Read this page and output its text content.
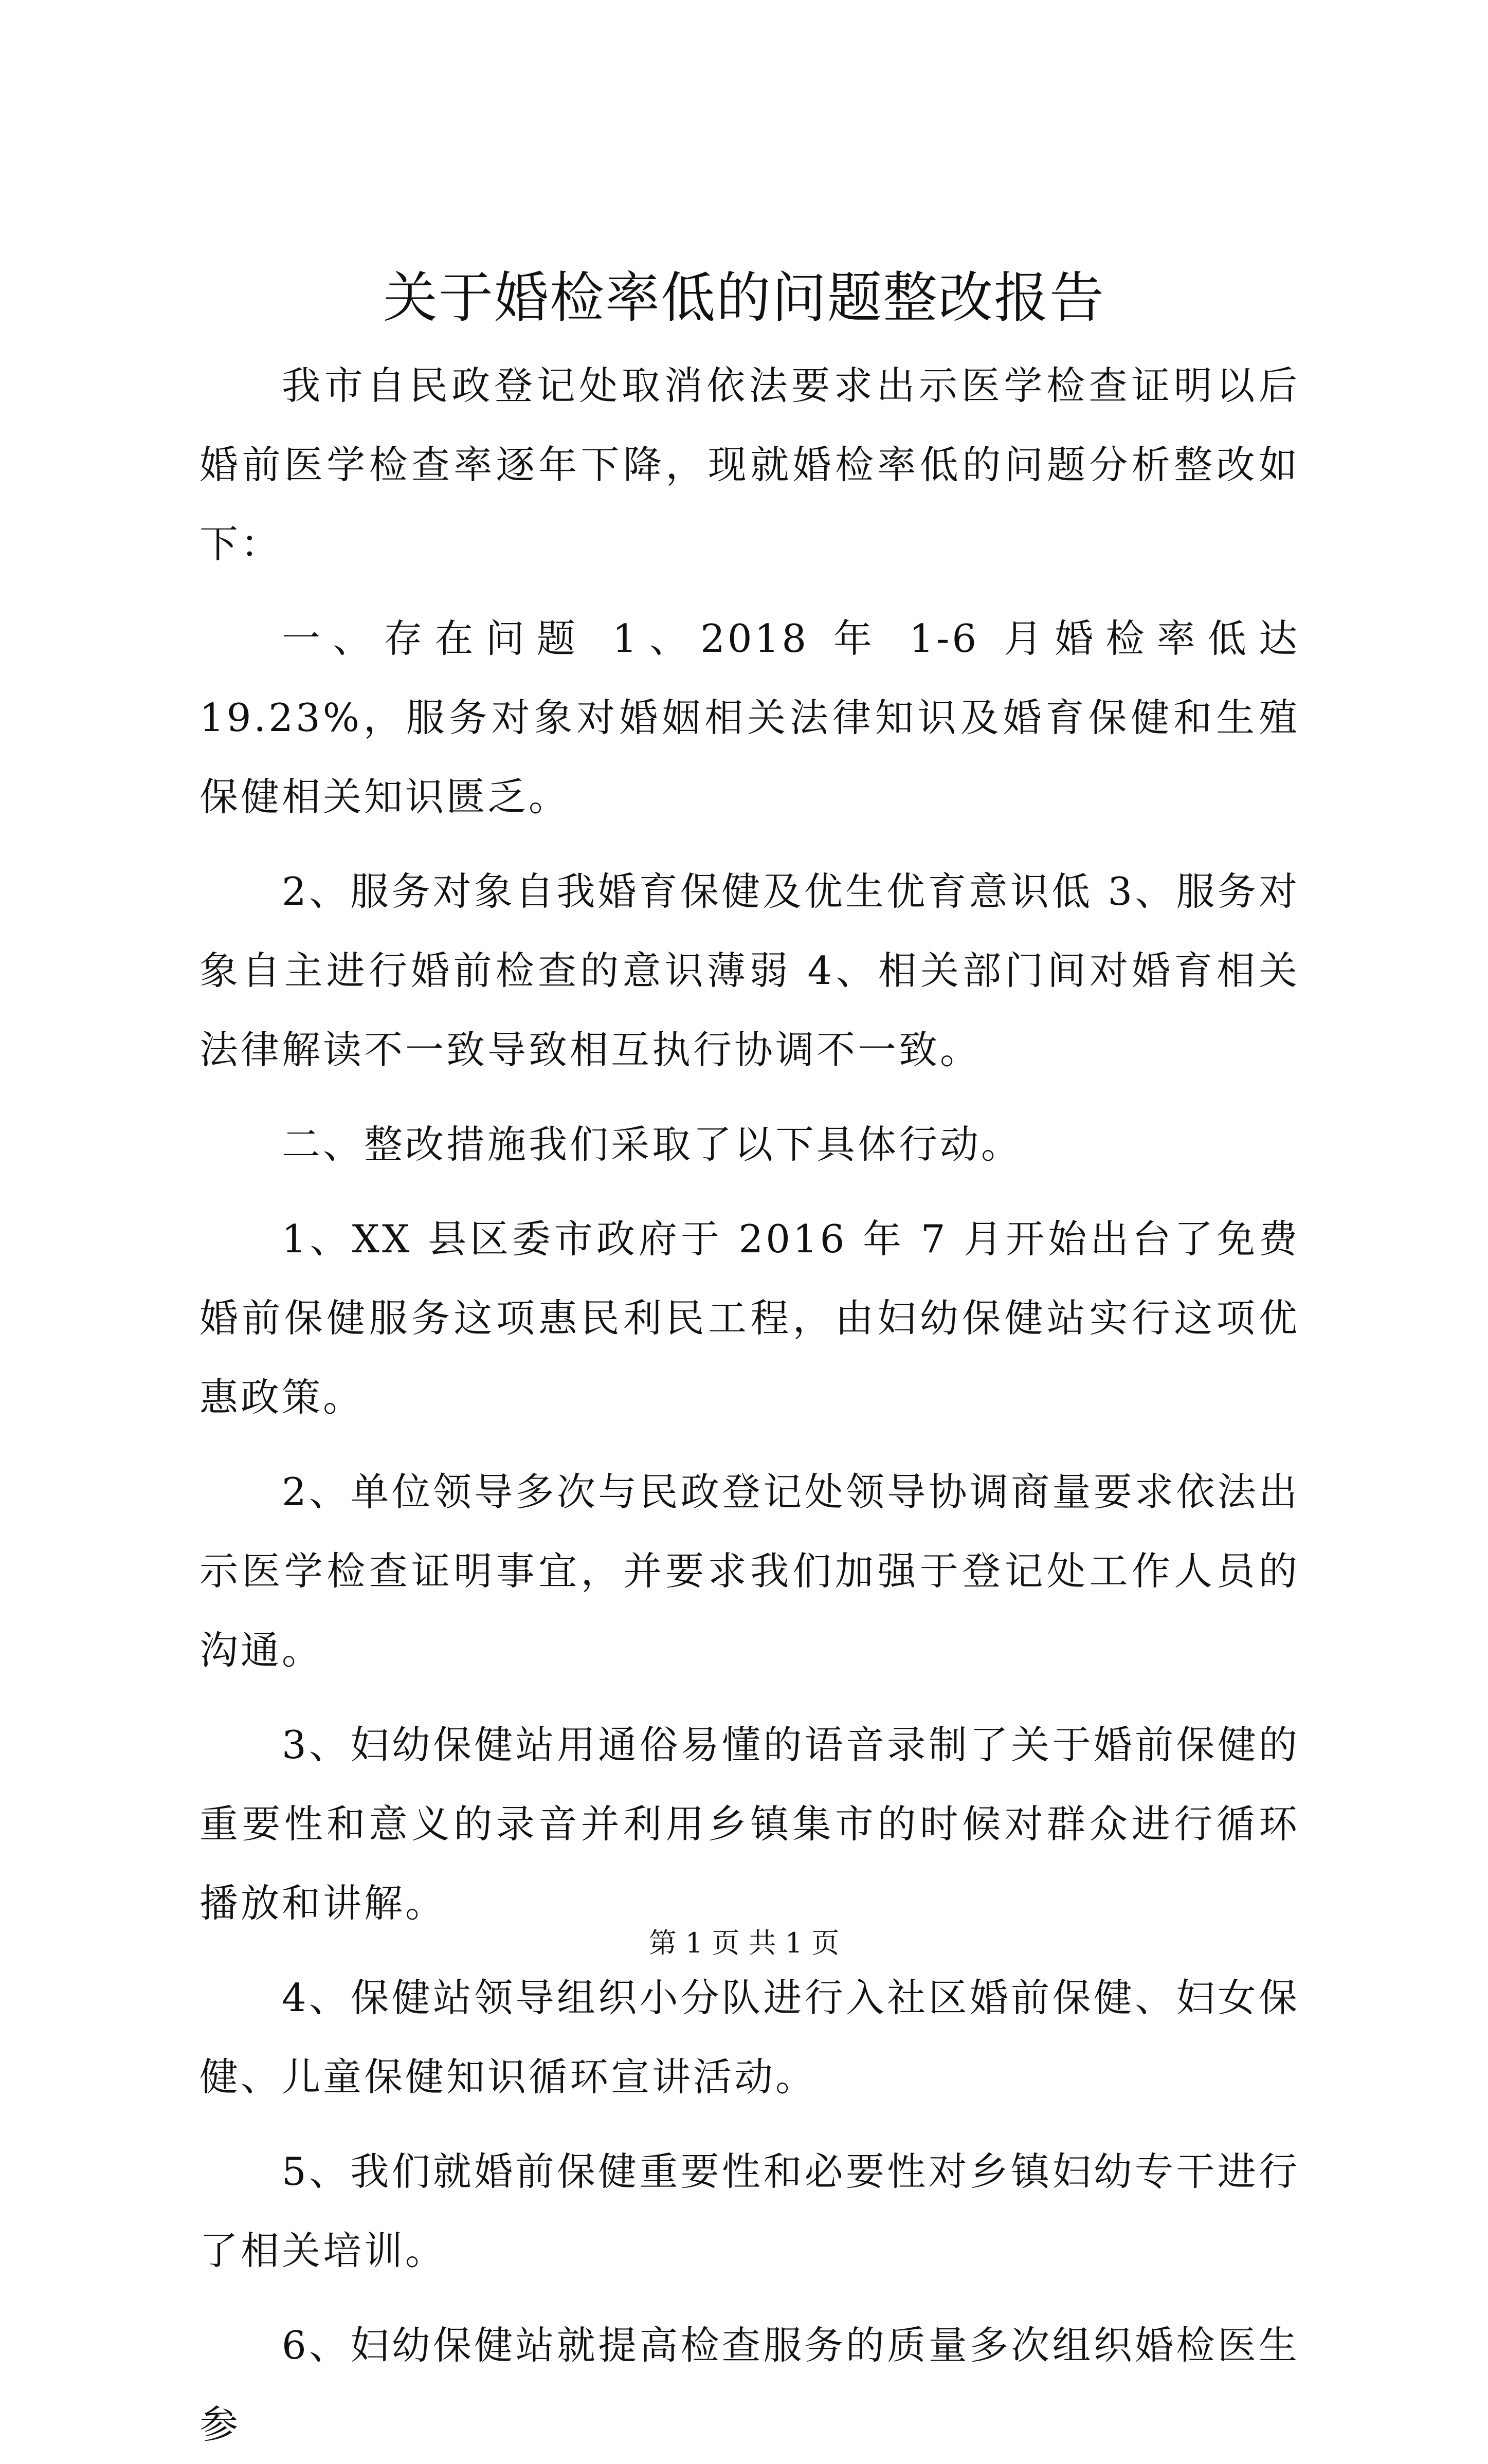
关于婚检率低的问题整改报告

我市自民政登记处取消依法要求出示医学检查证明以后婚前医学检查率逐年下降，现就婚检率低的问题分析整改如下：

一、存在问题 1、2018 年 1-6 月婚检率低达 19.23%，服务对象对婚姻相关法律知识及婚育保健和生殖保健相关知识匮乏。

2、服务对象自我婚育保健及优生优育意识低 3、服务对象自主进行婚前检查的意识薄弱 4、相关部门间对婚育相关法律解读不一致导致相互执行协调不一致。

二、整改措施我们采取了以下具体行动。

1、XX 县区委市政府于 2016 年 7 月开始出台了免费婚前保健服务这项惠民利民工程，由妇幼保健站实行这项优惠政策。

2、单位领导多次与民政登记处领导协调商量要求依法出示医学检查证明事宜，并要求我们加强于登记处工作人员的沟通。

3、妇幼保健站用通俗易懂的语音录制了关于婚前保健的重要性和意义的录音并利用乡镇集市的时候对群众进行循环播放和讲解。

4、保健站领导组织小分队进行入社区婚前保健、妇女保健、儿童保健知识循环宣讲活动。

5、我们就婚前保健重要性和必要性对乡镇妇幼专干进行了相关培训。

6、妇幼保健站就提高检查服务的质量多次组织婚检医生参

第 1 页 共 1 页
